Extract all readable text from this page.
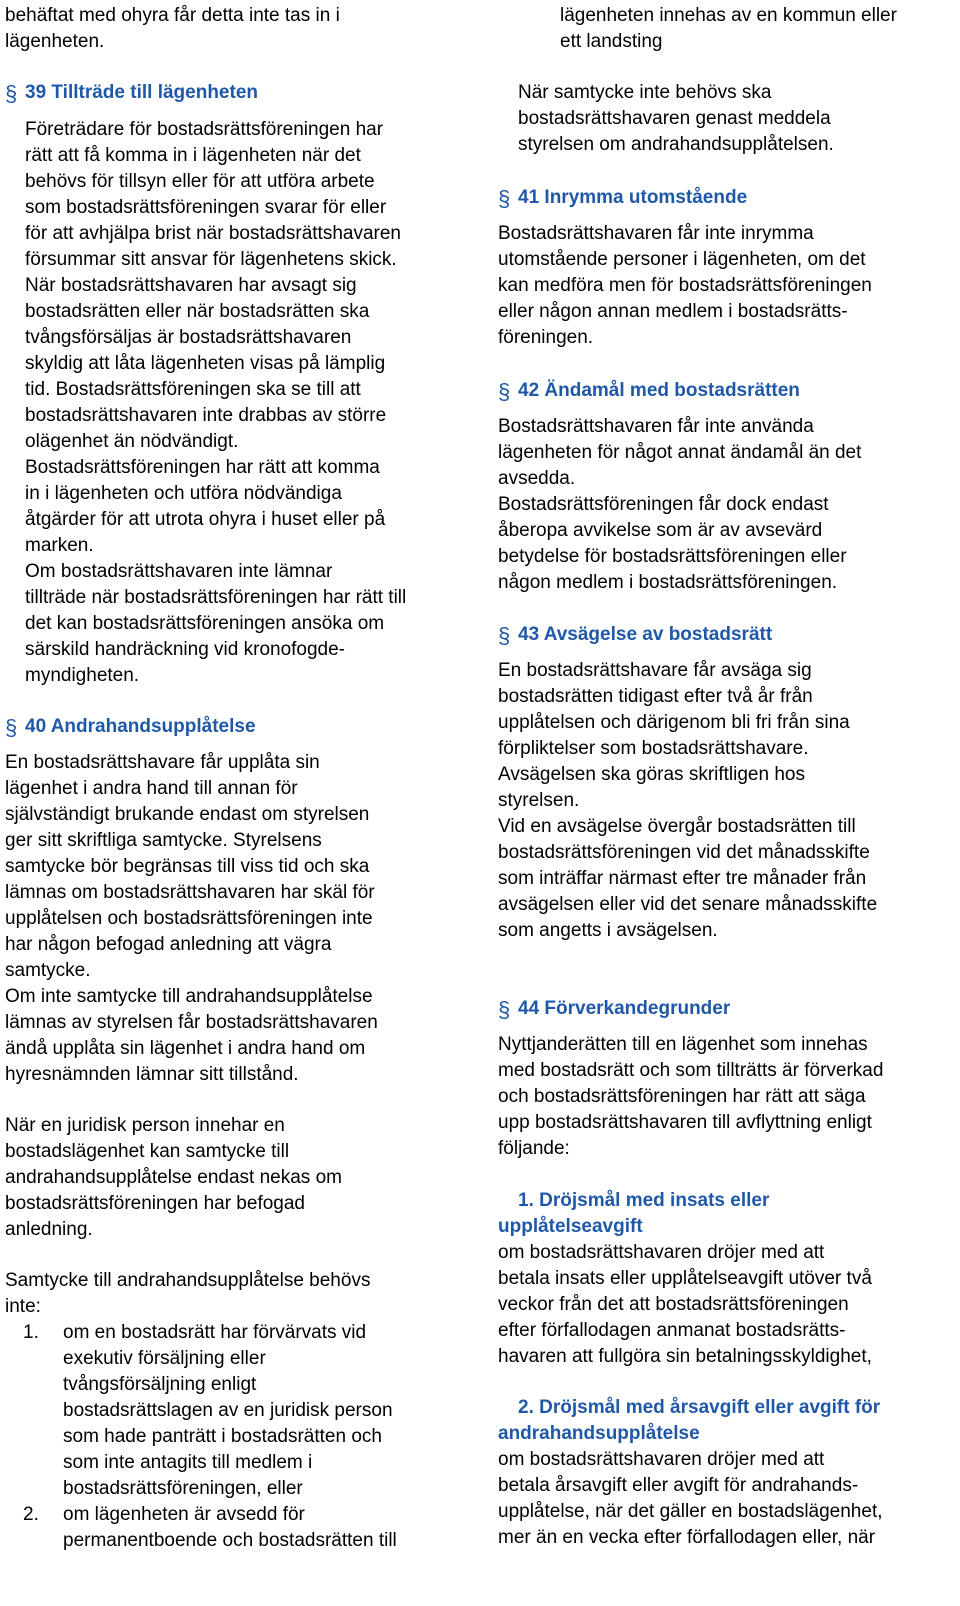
behäftat med ohyra får detta inte tas in i
lägenheten.

§ 39 Tillträde till lägenheten

Företrädare för bostadsrättsföreningen har
rätt att få komma in i lägenheten när det
behövs för tillsyn eller för att utföra arbete
som bostadsrättsföreningen svarar för eller
för att avhjälpa brist när bostadsrättshavaren
försummar sitt ansvar för lägenhetens skick.

När bostadsrättshavaren har avsagt sig
bostadsrätten eller när bostadsrätten ska
tvångsförsäljas är bostadsrättshavaren
skyldig att låta lägenheten visas på lämplig
tid. Bostadsrättsföreningen ska se till att
bostadsrättshavaren inte drabbas av större
olägenhet än nödvändigt.

Bostadsrättsföreningen har rätt att komma
in i lägenheten och utföra nödvändiga
åtgärder för att utrota ohyra i huset eller på
marken.

Om bostadsrättshavaren inte lämnar
tillträde när bostadsrättsföreningen har rätt till
det kan bostadsrättsföreningen ansöka om
särskild handräckning vid kronofogde-
myndigheten.

§ 40 Andrahandsupplåtelse

En bostadsrättshavare får upplåta sin
lägenhet i andra hand till annan för
självständigt brukande endast om styrelsen
ger sitt skriftliga samtycke. Styrelsens
samtycke bör begränsas till viss tid och ska
lämnas om bostadsrättshavaren har skäl för
upplåtelsen och bostadsrättsföreningen inte
har någon befogad anledning att vägra
samtycke.

Om inte samtycke till andrahandsupplåtelse
lämnas av styrelsen får bostadsrättshavaren
ändå upplåta sin lägenhet i andra hand om
hyresnämnden lämnar sitt tillstånd.

När en juridisk person innehar en
bostadslägenhet kan samtycke till
andrahandsupplåtelse endast nekas om
bostadsrättsföreningen har befogad
anledning.

Samtycke till andrahandsupplåtelse behövs
inte:

1.

om en bostadsrätt har förvärvats vid
exekutiv försäljning eller
tvångsförsäljning enligt
bostadsrättslagen av en juridisk person
som hade panträtt i bostadsrätten och
som inte antagits till medlem i
bostadsrättsföreningen, eller

2.

om lägenheten är avsedd för
permanentboende och bostadsrätten till

lägenheten innehas av en kommun eller
ett landsting

När samtycke inte behövs ska
bostadsrättshavaren genast meddela
styrelsen om andrahandsupplåtelsen.

§ 41 Inrymma utomstående

Bostadsrättshavaren får inte inrymma
utomstående personer i lägenheten, om det
kan medföra men för bostadsrättsföreningen
eller någon annan medlem i bostadsrätts-
föreningen.

§ 42 Ändamål med bostadsrätten

Bostadsrättshavaren får inte använda
lägenheten för något annat ändamål än det
avsedda.

Bostadsrättsföreningen får dock endast
åberopa avvikelse som är av avsevärd
betydelse för bostadsrättsföreningen eller
någon medlem i bostadsrättsföreningen.

§ 43 Avsägelse av bostadsrätt

En bostadsrättshavare får avsäga sig
bostadsrätten tidigast efter två år från
upplåtelsen och därigenom bli fri från sina
förpliktelser som bostadsrättshavare.
Avsägelsen ska göras skriftligen hos
styrelsen.

Vid en avsägelse övergår bostadsrätten till
bostadsrättsföreningen vid det månadsskifte
som inträffar närmast efter tre månader från
avsägelsen eller vid det senare månadsskifte
som angetts i avsägelsen.

§ 44 Förverkandegrunder

Nyttjanderätten till en lägenhet som innehas
med bostadsrätt och som tillträtts är förverkad
och bostadsrättsföreningen har rätt att säga
upp bostadsrättshavaren till avflyttning enligt
följande:

1. Dröjsmål med insats eller
upplåtelseavgift

om bostadsrättshavaren dröjer med att
betala insats eller upplåtelseavgift utöver två
veckor från det att bostadsrättsföreningen
efter förfallodagen anmanat bostadsrätts-
havaren att fullgöra sin betalningsskyldighet,

2. Dröjsmål med årsavgift eller avgift för
andrahandsupplåtelse

om bostadsrättshavaren dröjer med att
betala årsavgift eller avgift för andrahands-
upplåtelse, när det gäller en bostadslägenhet,
mer än en vecka efter förfallodagen eller, när
